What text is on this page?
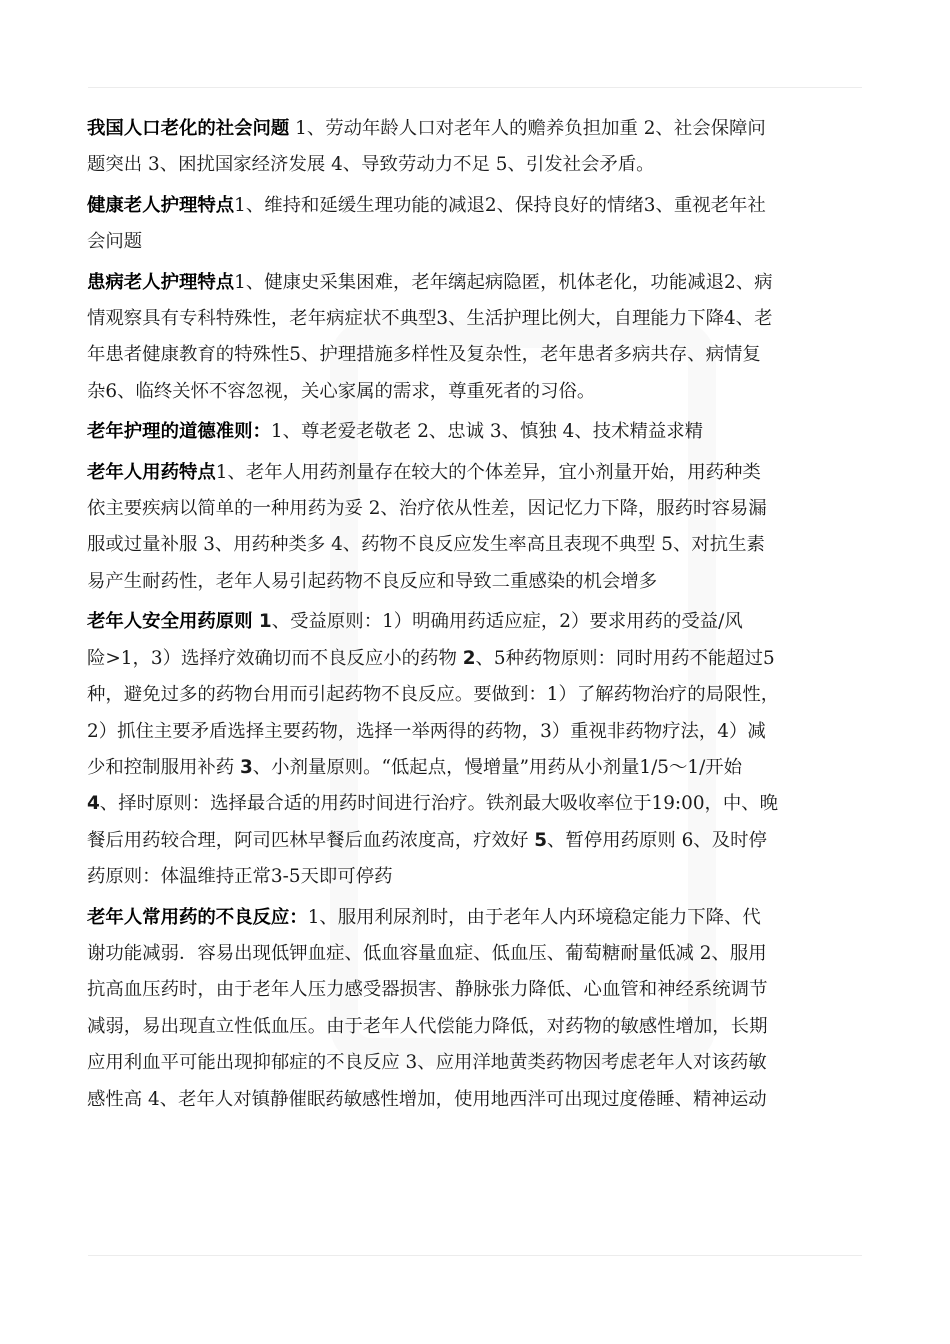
我国人口老化的社会问题 1、劳动年龄人口对老年人的赡养负担加重 2、社会保障问
题突出 3、困扰国家经济发展 4、导致劳动力不足 5、引发社会矛盾。
健康老人护理特点1、维持和延缓生理功能的减退2、保持良好的情绪3、重视老年社
会问题
患病老人护理特点1、健康史采集困难，老年缡起病隐匿，机体老化，功能减退2、病
情观察具有专科特殊性，老年病症状不典型3、生活护理比例大，自理能力下降4、老
年患者健康教育的特殊性5、护理措施多样性及复杂性，老年患者多病共存、病情复
杂6、临终关怀不容忽视，关心家属的需求，尊重死者的习俗。
老年护理的道德准则：1、尊老爱老敬老 2、忠诚 3、慎独 4、技术精益求精
老年人用药特点1、老年人用药剂量存在较大的个体差异，宜小剂量开始，用药种类
依主要疾病以简单的一种用药为妥 2、治疗依从性差，因记忆力下降，服药时容易漏
服或过量补服 3、用药种类多 4、药物不良反应发生率高且表现不典型 5、对抗生素
易产生耐药性，老年人易引起药物不良反应和导致二重感染的机会增多
老年人安全用药原则 1、受益原则：1）明确用药适应症，2）要求用药的受益/风
险>1，3）选择疗效确切而不良反应小的药物 2、5种药物原则：同时用药不能超过5
种，避免过多的药物台用而引起药物不良反应。要做到：1）了解药物治疗的局限性，
2）抓住主要矛盾选择主要药物，选择一举两得的药物，3）重视非药物疗法，4）减
少和控制服用补药 3、小剂量原则。“低起点，慢增量”用药从小剂量1/5～1/开始
4、择时原则：选择最合适的用药时间进行治疗。铁剂最大吸收率位于19:00，中、晚
餐后用药较合理，阿司匹林早餐后血药浓度高，疗效好 5、暂停用药原则 6、及时停
药原则：体温维持正常3-5天即可停药
老年人常用药的不良反应：1、服用利尿剂时，由于老年人内环境稳定能力下降、代
谢功能减弱．容易出现低钾血症、低血容量血症、低血压、葡萄糖耐量低减 2、服用
抗高血压药时，由于老年人压力感受器损害、静脉张力降低、心血管和神经系统调节
减弱，易出现直立性低血压。由于老年人代偿能力降低，对药物的敏感性增加，长期
应用利血平可能出现抑郁症的不良反应 3、应用洋地黄类药物因考虑老年人对该药敏
感性高 4、老年人对镇静催眠药敏感性增加，使用地西泮可出现过度倦睡、精神运动
